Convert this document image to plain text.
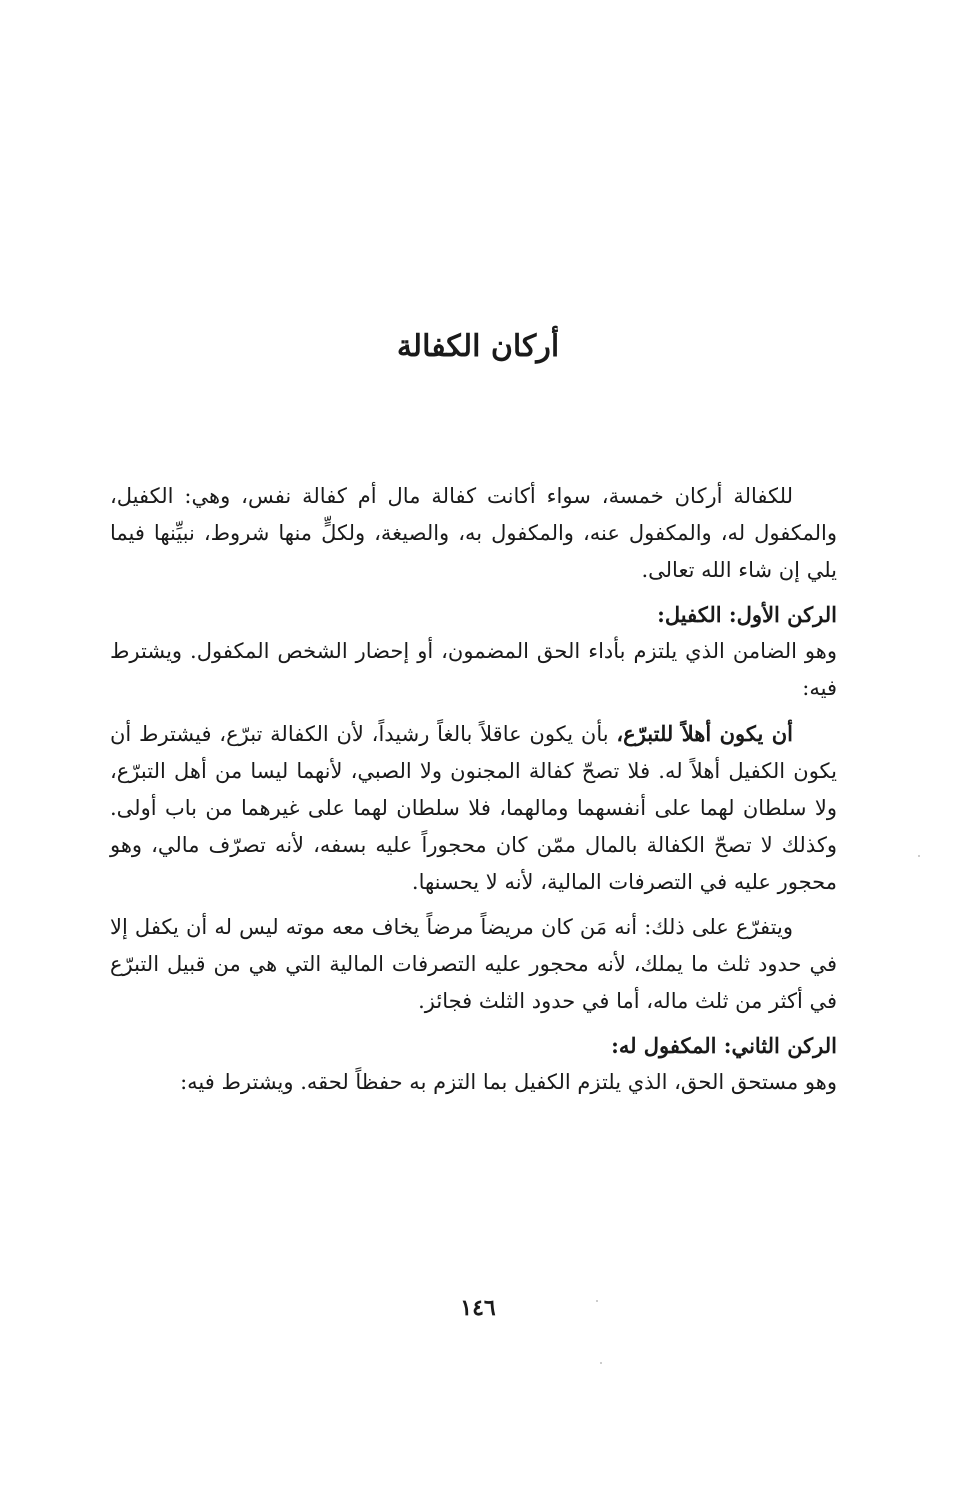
أركان الكفالة

للكفالة أركان خمسة، سواء أكانت كفالة مال أم كفالة نفس، وهي: الكفيل، والمكفول له، والمكفول عنه، والمكفول به، والصيغة، ولكلٍّ منها شروط، نبيِّنها فيما يلي إن شاء الله تعالى.

الركن الأول: الكفيل:

وهو الضامن الذي يلتزم بأداء الحق المضمون، أو إحضار الشخص المكفول. ويشترط فيه:

أن يكون أهلاً للتبرّع، بأن يكون عاقلاً بالغاً رشيداً، لأن الكفالة تبرّع، فيشترط أن يكون الكفيل أهلاً له. فلا تصحّ كفالة المجنون ولا الصبي، لأنهما ليسا من أهل التبرّع، ولا سلطان لهما على أنفسهما ومالهما، فلا سلطان لهما على غيرهما من باب أولى. وكذلك لا تصحّ الكفالة بالمال ممّن كان محجوراً عليه بسفه، لأنه تصرّف مالي، وهو محجور عليه في التصرفات المالية، لأنه لا يحسنها.

ويتفرّع على ذلك: أنه مَن كان مريضاً مرضاً يخاف معه موته ليس له أن يكفل إلا في حدود ثلث ما يملك، لأنه محجور عليه التصرفات المالية التي هي من قبيل التبرّع في أكثر من ثلث ماله، أما في حدود الثلث فجائز.

الركن الثاني: المكفول له:

وهو مستحق الحق، الذي يلتزم الكفيل بما التزم به حفظاً لحقه. ويشترط فيه:

١٤٦
